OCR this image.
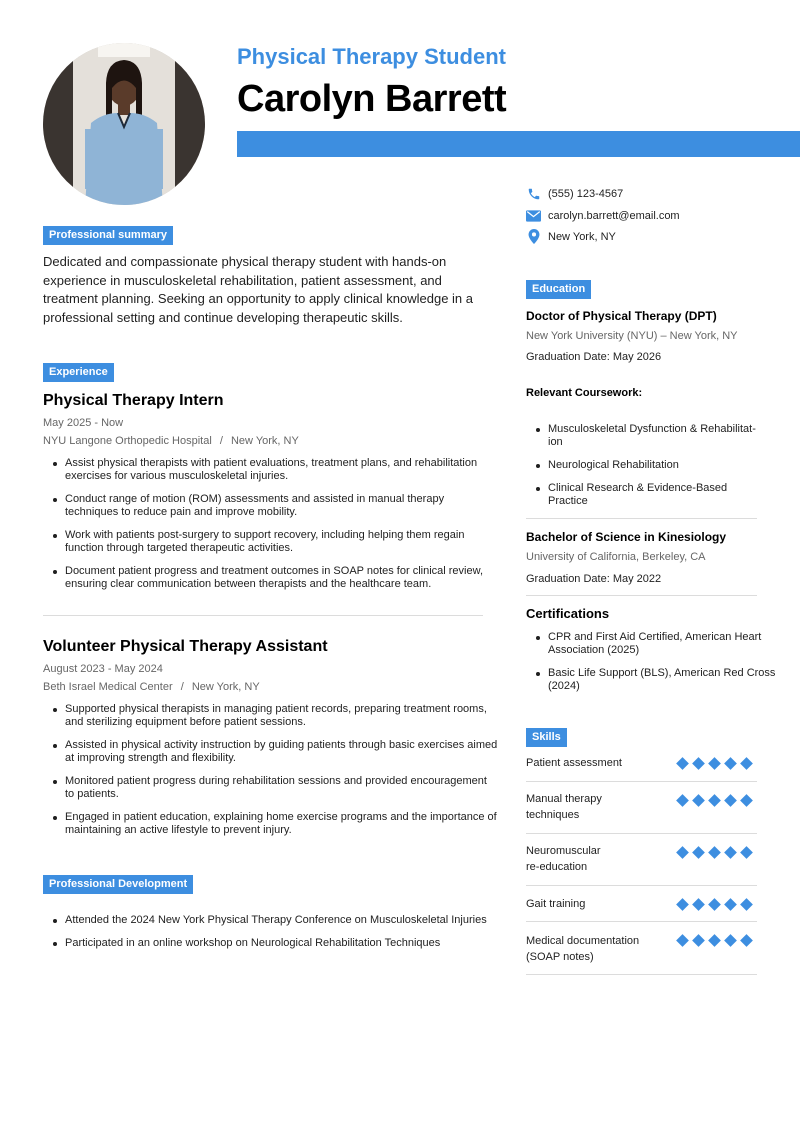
Physical Therapy Student
Carolyn Barrett
(555) 123-4567
carolyn.barrett@email.com
New York, NY
Professional summary
Dedicated and compassionate physical therapy student with hands-on experience in musculoskeletal rehabilitation, patient assessment, and treatment planning. Seeking an opportunity to apply clinical knowledge in a professional setting and continue developing therapeutic skills.
Experience
Physical Therapy Intern
May 2025 - Now
NYU Langone Orthopedic Hospital / New York, NY
Assist physical therapists with patient evaluations, treatment plans, and rehabilitation exercises for various musculoskeletal injuries.
Conduct range of motion (ROM) assessments and assisted in manual therapy techniques to reduce pain and improve mobility.
Work with patients post-surgery to support recovery, including helping them regain function through targeted therapeutic activities.
Document patient progress and treatment outcomes in SOAP notes for clinical review, ensuring clear communication between therapists and the healthcare team.
Volunteer Physical Therapy Assistant
August 2023 - May 2024
Beth Israel Medical Center / New York, NY
Supported physical therapists in managing patient records, preparing treatment rooms, and sterilizing equipment before patient sessions.
Assisted in physical activity instruction by guiding patients through basic exercises aimed at improving strength and flexibility.
Monitored patient progress during rehabilitation sessions and provided encouragement to patients.
Engaged in patient education, explaining home exercise programs and the importance of maintaining an active lifestyle to prevent injury.
Professional Development
Attended the 2024 New York Physical Therapy Conference on Musculoskeletal Injuries
Participated in an online workshop on Neurological Rehabilitation Techniques
Education
Doctor of Physical Therapy (DPT)
New York University (NYU) – New York, NY
Graduation Date: May 2026
Relevant Coursework:
Musculoskeletal Dysfunction & Rehabilitat-
ion
Neurological Rehabilitation
Clinical Research & Evidence-Based
Practice
Bachelor of Science in Kinesiology
University of California, Berkeley, CA
Graduation Date: May 2022
Certifications
CPR and First Aid Certified, American Heart Association (2025)
Basic Life Support (BLS), American Red Cross (2024)
Skills
Patient assessment
Manual therapy
techniques
Neuromuscular
re-education
Gait training
Medical documentation
(SOAP notes)
